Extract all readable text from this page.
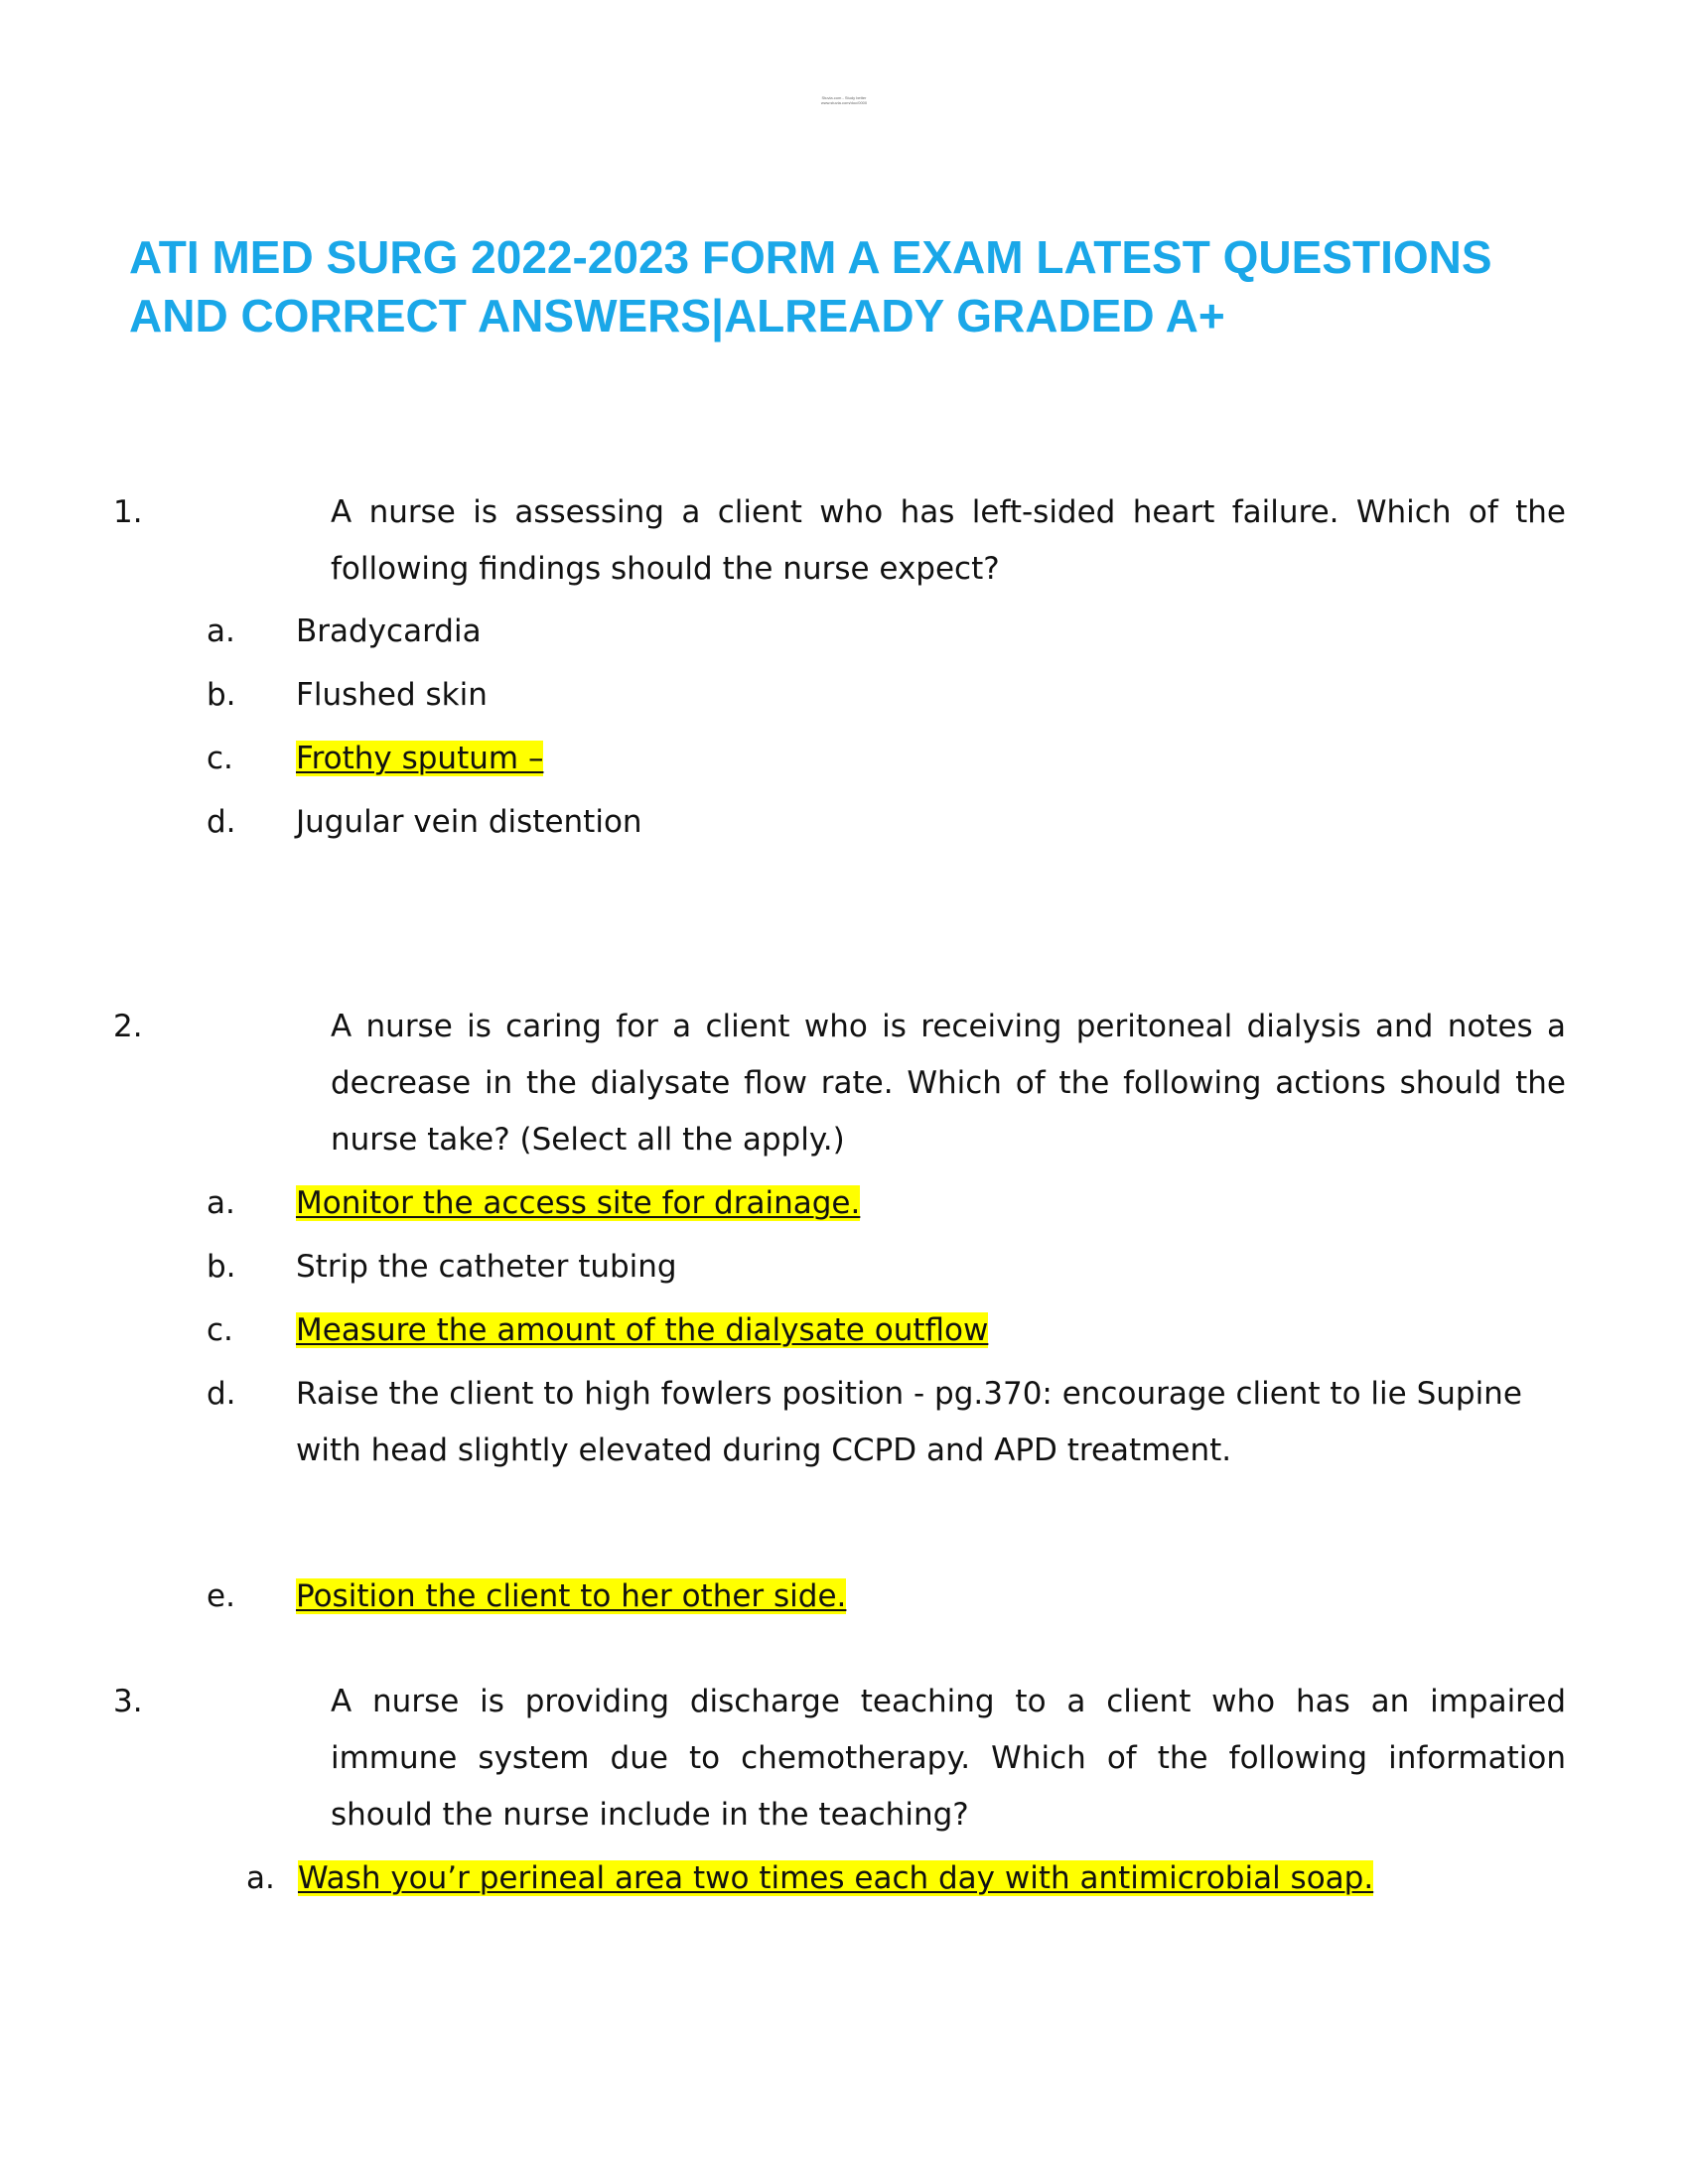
Stuvia.com - Study better
www.stuvia.com/doc/0000
ATI MED SURG 2022-2023 FORM A EXAM LATEST QUESTIONS
AND CORRECT ANSWERS|ALREADY GRADED A+
1.	A nurse is assessing a client who has left-sided heart failure. Which of the following findings should the nurse expect?
a. Bradycardia
b. Flushed skin
c. Frothy sputum –
d. Jugular vein distention
2.	A nurse is caring for a client who is receiving peritoneal dialysis and notes a decrease in the dialysate flow rate. Which of the following actions should the nurse take? (Select all the apply.)
a. Monitor the access site for drainage.
b. Strip the catheter tubing
c. Measure the amount of the dialysate outflow
d. Raise the client to high fowlers position - pg.370: encourage client to lie Supine with head slightly elevated during CCPD and APD treatment.
e. Position the client to her other side.
3.	A nurse is providing discharge teaching to a client who has an impaired immune system due to chemotherapy. Which of the following information should the nurse include in the teaching?
a. Wash you’r perineal area two times each day with antimicrobial soap.
